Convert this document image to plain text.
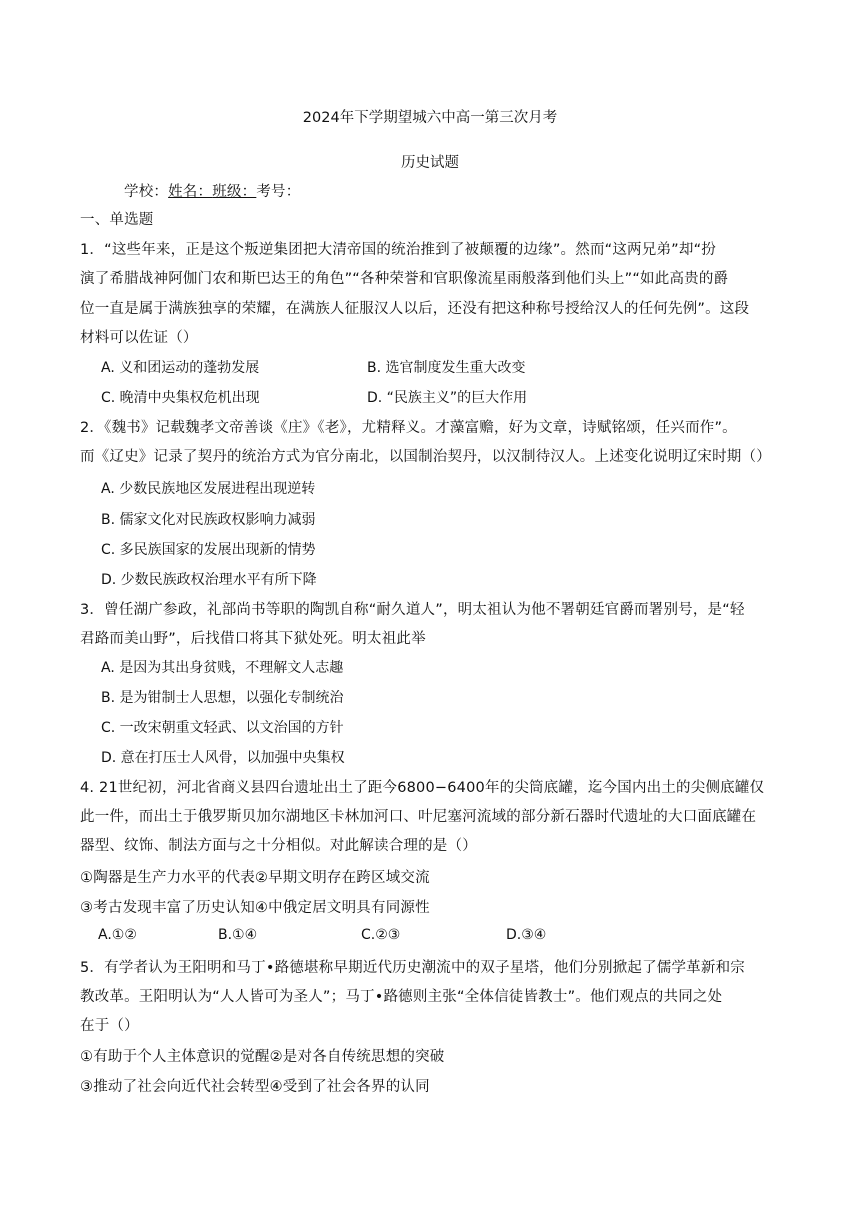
2024年下学期望城六中高一第三次月考
历史试题
学校：姓名：班级：考号：
一、单选题
1．“这些年来，正是这个叛逆集团把大清帝国的统治推到了被颠覆的边缘”。然而“这两兄弟”却“扮
演了希腊战神阿伽门农和斯巴达王的角色”“各种荣誉和官职像流星雨般落到他们头上”“如此高贵的爵
位一直是属于满族独享的荣耀，在满族人征服汉人以后，还没有把这种称号授给汉人的任何先例”。这段
材料可以佐证（）
A. 义和团运动的蓬勃发展	B. 选官制度发生重大改变
C. 晚清中央集权危机出现	D. “民族主义”的巨大作用
2．《魏书》记载魏孝文帝善谈《庄》《老》，尤精释义。才藻富赡，好为文章，诗赋铭颂，任兴而作”。
而《辽史》记录了契丹的统治方式为官分南北，以国制治契丹，以汉制待汉人。上述变化说明辽宋时期（）
A. 少数民族地区发展进程出现逆转
B. 儒家文化对民族政权影响力减弱
C. 多民族国家的发展出现新的情势
D. 少数民族政权治理水平有所下降
3．曾任湖广参政，礼部尚书等职的陶凯自称“耐久道人”，明太祖认为他不署朝廷官爵而署别号，是“轻
君路而美山野”，后找借口将其下狱处死。明太祖此举
A. 是因为其出身贫贱，不理解文人志趣
B. 是为钳制士人思想，以强化专制统治
C. 一改宋朝重文轻武、以文治国的方针
D. 意在打压士人风骨，以加强中央集权
4. 21世纪初，河北省商义县四台遗址出土了距今6800−6400年的尖筒底罐，迄今国内出土的尖侧底罐仅
此一件，而出土于俄罗斯贝加尔湖地区卡林加河口、叶尼塞河流域的部分新石器时代遗址的大口面底罐在
器型、纹饰、制法方面与之十分相似。对此解读合理的是（）
①陶器是生产力水平的代表②早期文明存在跨区域交流
③考古发现丰富了历史认知④中俄定居文明具有同源性
A.①②	B.①④	C.②③	D.③④
5．有学者认为王阳明和马丁•路德堪称早期近代历史潮流中的双子星塔，他们分别掀起了儒学革新和宗
教改革。王阳明认为“人人皆可为圣人”；马丁•路德则主张“全体信徒皆教士”。他们观点的共同之处
在于（）
①有助于个人主体意识的觉醒②是对各自传统思想的突破
③推动了社会向近代社会转型④受到了社会各界的认同
